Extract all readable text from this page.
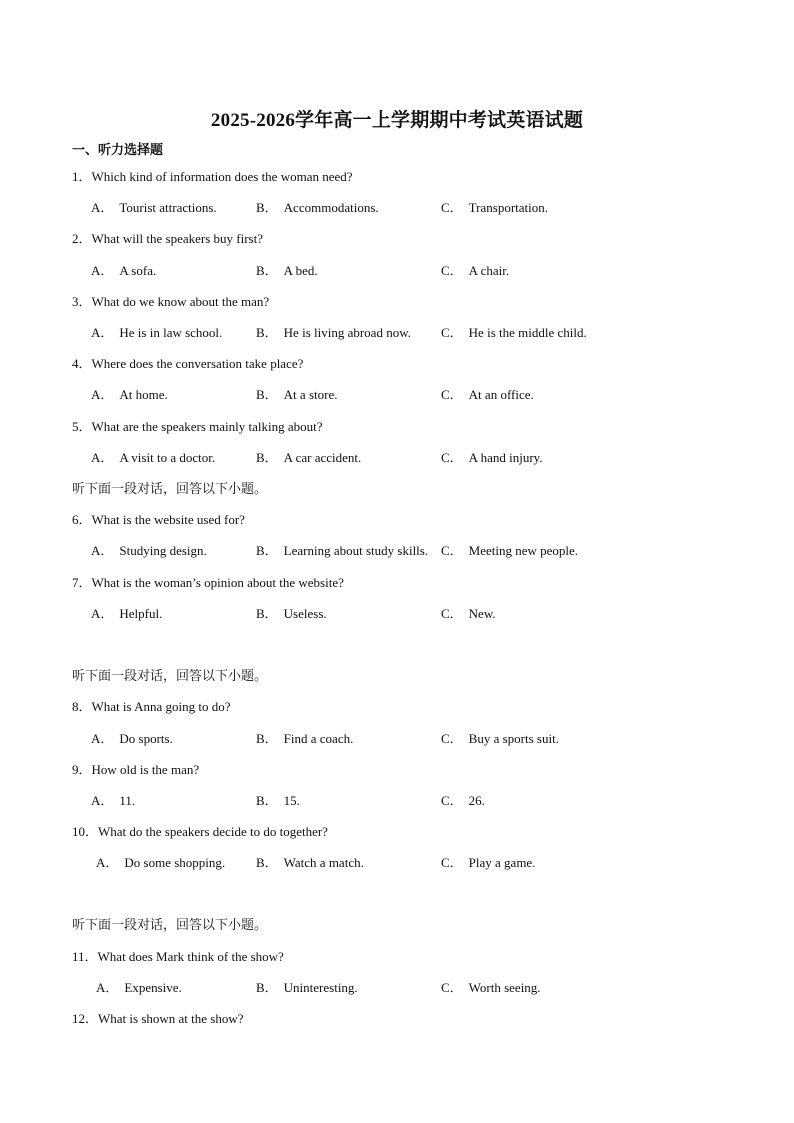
2025-2026学年高一上学期期中考试英语试题
一、听力选择题
1．Which kind of information does the woman need?
A． Tourist attractions.	B． Accommodations.	C． Transportation.
2．What will the speakers buy first?
A． A sofa.	B． A bed.	C． A chair.
3．What do we know about the man?
A． He is in law school.	B． He is living abroad now. C． He is the middle child.
4．Where does the conversation take place?
A． At home.	B． At a store.	C． At an office.
5．What are the speakers mainly talking about?
A． A visit to a doctor.	B． A car accident.	C． A hand injury.
听下面一段对话，回答以下小题。
6．What is the website used for?
A． Studying design.	B． Learning about study skills. C． Meeting new people.
7．What is the woman’s opinion about the website?
A． Helpful.	B． Useless.	C． New.
听下面一段对话，回答以下小题。
8．What is Anna going to do?
A． Do sports.	B． Find a coach.	C． Buy a sports suit.
9．How old is the man?
A． 11.	B． 15.	C． 26.
10．What do the speakers decide to do together?
A． Do some shopping. B． Watch a match.	C． Play a game.
听下面一段对话，回答以下小题。
11．What does Mark think of the show?
A． Expensive.	B． Uninteresting.	C． Worth seeing.
12．What is shown at the show?
